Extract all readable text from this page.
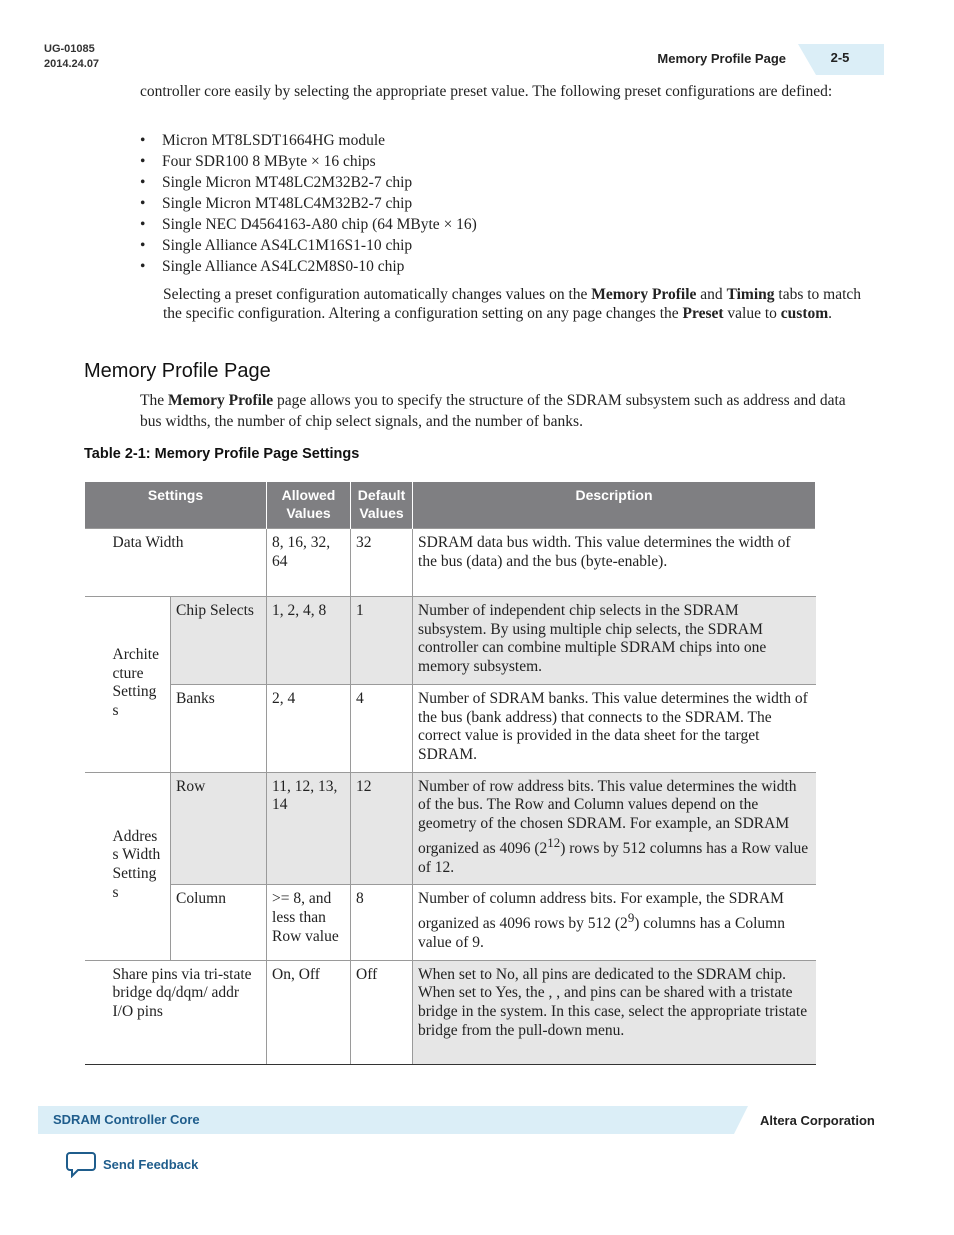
UG-01085
2014.24.07	Memory Profile Page	2-5
controller core easily by selecting the appropriate preset value. The following preset configurations are defined:
• Micron MT8LSDT1664HG module
• Four SDR100 8 MByte × 16 chips
• Single Micron MT48LC2M32B2-7 chip
• Single Micron MT48LC4M32B2-7 chip
• Single NEC D4564163-A80 chip (64 MByte × 16)
• Single Alliance AS4LC1M16S1-10 chip
• Single Alliance AS4LC2M8S0-10 chip
Selecting a preset configuration automatically changes values on the Memory Profile and Timing tabs to match the specific configuration. Altering a configuration setting on any page changes the Preset value to custom.
Memory Profile Page
The Memory Profile page allows you to specify the structure of the SDRAM subsystem such as address and data bus widths, the number of chip select signals, and the number of banks.
Table 2-1: Memory Profile Page Settings
Settings		Allowed Values	Default Values	Description
Data Width		8, 16, 32, 64	32	SDRAM data bus width. This value determines the width of the bus (data) and the bus (byte-enable).
Archite cture Setting s	Chip Selects	1, 2, 4, 8	1	Number of independent chip selects in the SDRAM subsystem. By using multiple chip selects, the SDRAM controller can combine multiple SDRAM chips into one memory subsystem.
	Banks	2, 4	4	Number of SDRAM banks. This value determines the width of the bus (bank address) that connects to the SDRAM. The correct value is provided in the data sheet for the target SDRAM.
Addres s Width Setting s	Row	11, 12, 13, 14	12	Number of row address bits. This value determines the width of the bus. The Row and Column values depend on the geometry of the chosen SDRAM. For example, an SDRAM organized as 4096 $(2^{12})$ rows by 512 columns has a Row value of 12.
	Column	>= 8, and less than Row value	8	Number of column address bits. For example, the SDRAM organized as 4096 rows by 512 $(2^9)$ columns has a Column value of 9.
Share pins via tri-state bridge dq/dqm/ addr I/O pins		On, Off	Off	When set to No, all pins are dedicated to the SDRAM chip. When set to Yes, the , , and pins can be shared with a tristate bridge in the system. In this case, select the appropriate tristate bridge from the pull-down menu.
SDRAM Controller Core	Altera Corporation
Send Feedback
